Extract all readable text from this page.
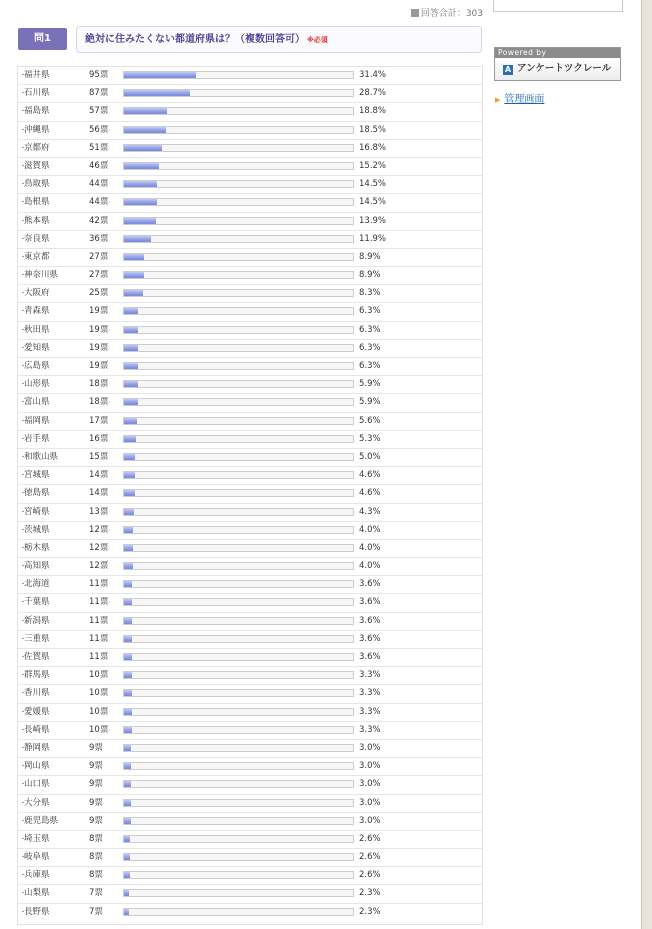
回答合計：303
問1	絶対に住みたくない都道府県は？（複数回答可） ※必須
・ 福井県	95票	31.4%
・ 石川県	87票	28.7%
・ 福島県	57票	18.8%
・ 沖縄県	56票	18.5%
・ 京都府	51票	16.8%
・ 滋賀県	46票	15.2%
・ 鳥取県	44票	14.5%
・ 島根県	44票	14.5%
・ 熊本県	42票	13.9%
・ 奈良県	36票	11.9%
・ 東京都	27票	8.9%
・ 神奈川県	27票	8.9%
・ 大阪府	25票	8.3%
・ 青森県	19票	6.3%
・ 秋田県	19票	6.3%
・ 愛知県	19票	6.3%
・ 広島県	19票	6.3%
・ 山形県	18票	5.9%
・ 富山県	18票	5.9%
・ 福岡県	17票	5.6%
・ 岩手県	16票	5.3%
・ 和歌山県	15票	5.0%
・ 宮城県	14票	4.6%
・ 徳島県	14票	4.6%
・ 宮崎県	13票	4.3%
・ 茨城県	12票	4.0%
・ 栃木県	12票	4.0%
・ 高知県	12票	4.0%
・ 北海道	11票	3.6%
・ 千葉県	11票	3.6%
・ 新潟県	11票	3.6%
・ 三重県	11票	3.6%
・ 佐賀県	11票	3.6%
・ 群馬県	10票	3.3%
・ 香川県	10票	3.3%
・ 愛媛県	10票	3.3%
・ 長崎県	10票	3.3%
・ 静岡県	9票	3.0%
・ 岡山県	9票	3.0%
・ 山口県	9票	3.0%
・ 大分県	9票	3.0%
・ 鹿児島県	9票	3.0%
・ 埼玉県	8票	2.6%
・ 岐阜県	8票	2.6%
・ 兵庫県	8票	2.6%
・ 山梨県	7票	2.3%
・ 長野県	7票	2.3%
Powered by
A アンケートツクレール
▶ 管理画面
